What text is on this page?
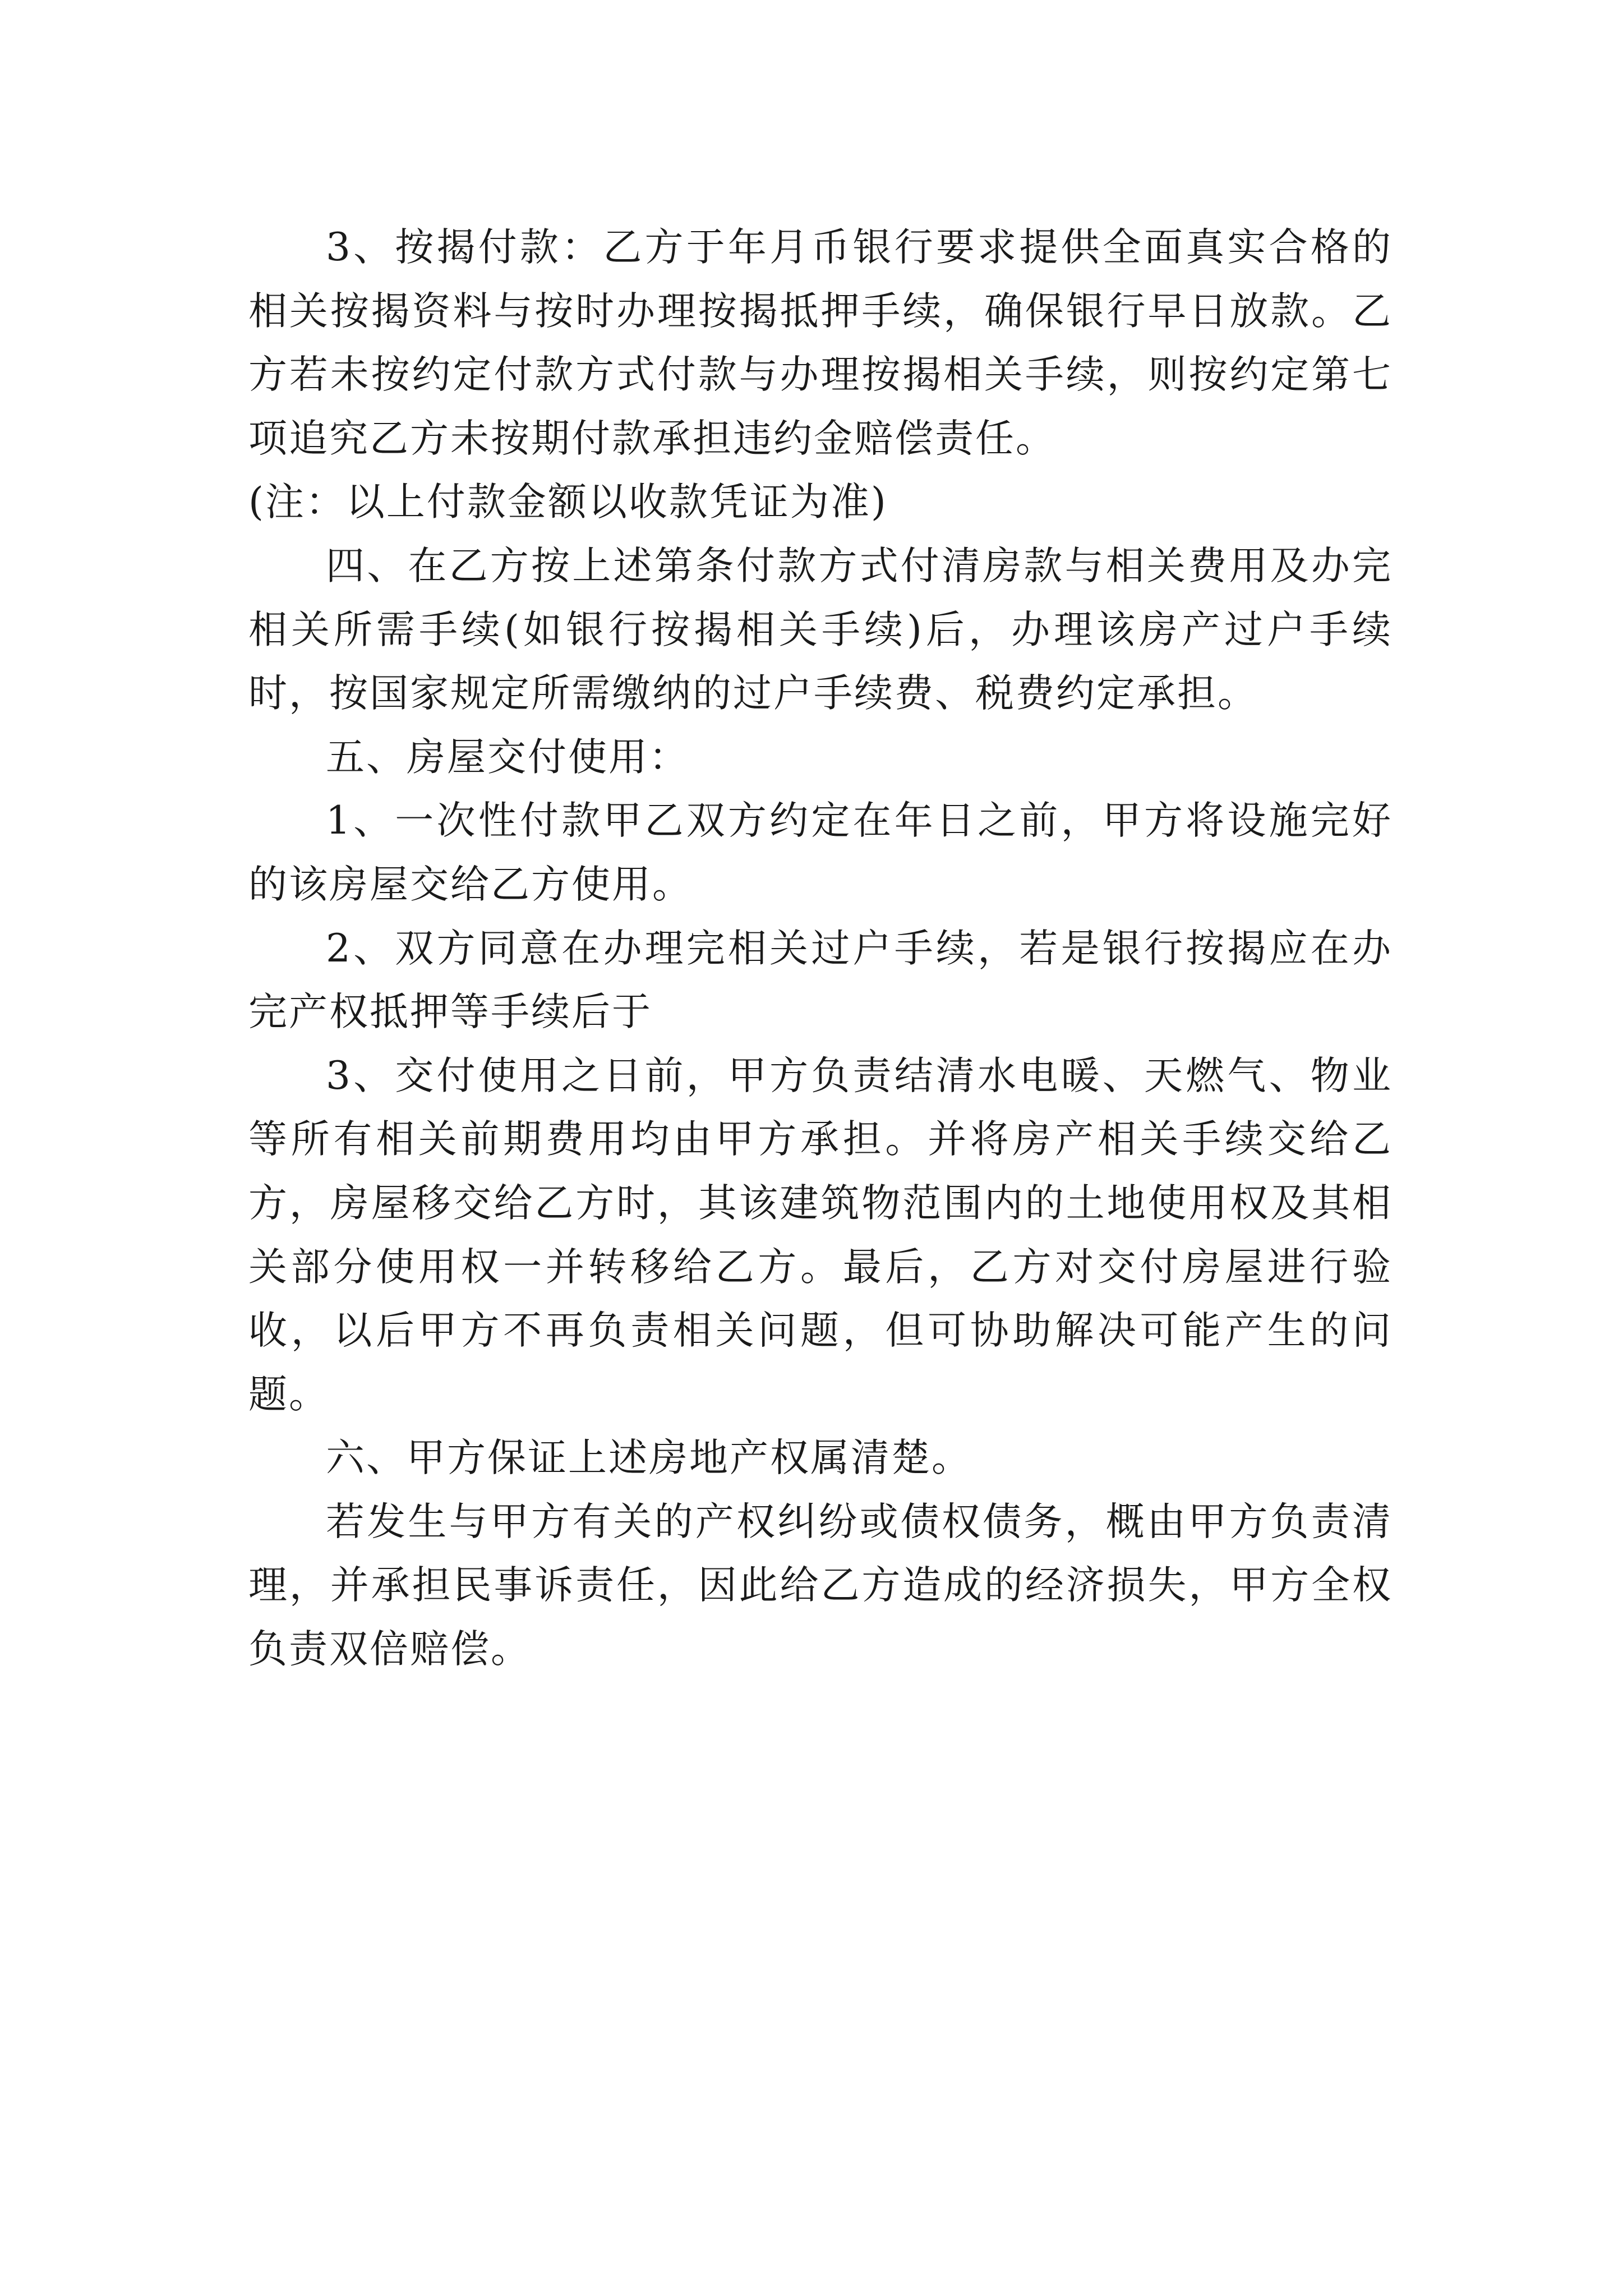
3、按揭付款：乙方于年月币银行要求提供全面真实合格的相关按揭资料与按时办理按揭抵押手续，确保银行早日放款。乙方若未按约定付款方式付款与办理按揭相关手续，则按约定第七项追究乙方未按期付款承担违约金赔偿责任。

(注：以上付款金额以收款凭证为准)

四、在乙方按上述第条付款方式付清房款与相关费用及办完相关所需手续(如银行按揭相关手续)后，办理该房产过户手续时，按国家规定所需缴纳的过户手续费、税费约定承担。

五、房屋交付使用：

1、一次性付款甲乙双方约定在年日之前，甲方将设施完好的该房屋交给乙方使用。

2、双方同意在办理完相关过户手续，若是银行按揭应在办完产权抵押等手续后于

3、交付使用之日前，甲方负责结清水电暖、天燃气、物业等所有相关前期费用均由甲方承担。并将房产相关手续交给乙方，房屋移交给乙方时，其该建筑物范围内的土地使用权及其相关部分使用权一并转移给乙方。最后，乙方对交付房屋进行验收，以后甲方不再负责相关问题，但可协助解决可能产生的问题。

六、甲方保证上述房地产权属清楚。

若发生与甲方有关的产权纠纷或债权债务，概由甲方负责清理，并承担民事诉责任，因此给乙方造成的经济损失，甲方全权负责双倍赔偿。
